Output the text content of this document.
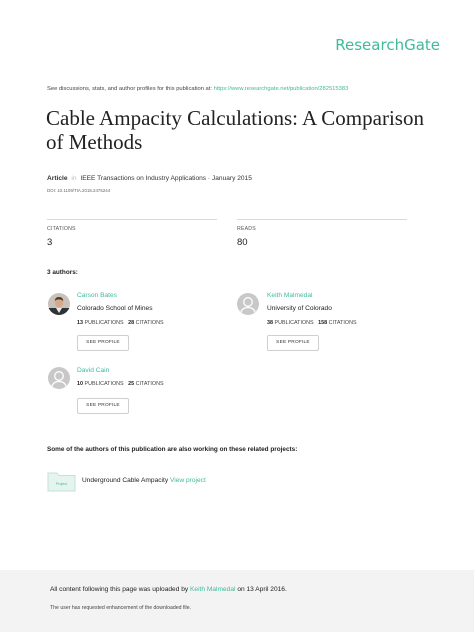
ResearchGate
See discussions, stats, and author profiles for this publication at: https://www.researchgate.net/publication/282515383
Cable Ampacity Calculations: A Comparison of Methods
Article in IEEE Transactions on Industry Applications · January 2015
DOI: 10.1109/TIA.2015.2475244
CITATIONS
3
READS
80
3 authors:
Carson Bates
Colorado School of Mines
13 PUBLICATIONS 28 CITATIONS
SEE PROFILE
Keith Malmedal
University of Colorado
38 PUBLICATIONS 158 CITATIONS
SEE PROFILE
David Cain
10 PUBLICATIONS 25 CITATIONS
SEE PROFILE
Some of the authors of this publication are also working on these related projects:
Project Underground Cable Ampacity View project
All content following this page was uploaded by Keith Malmedal on 13 April 2016.
The user has requested enhancement of the downloaded file.
